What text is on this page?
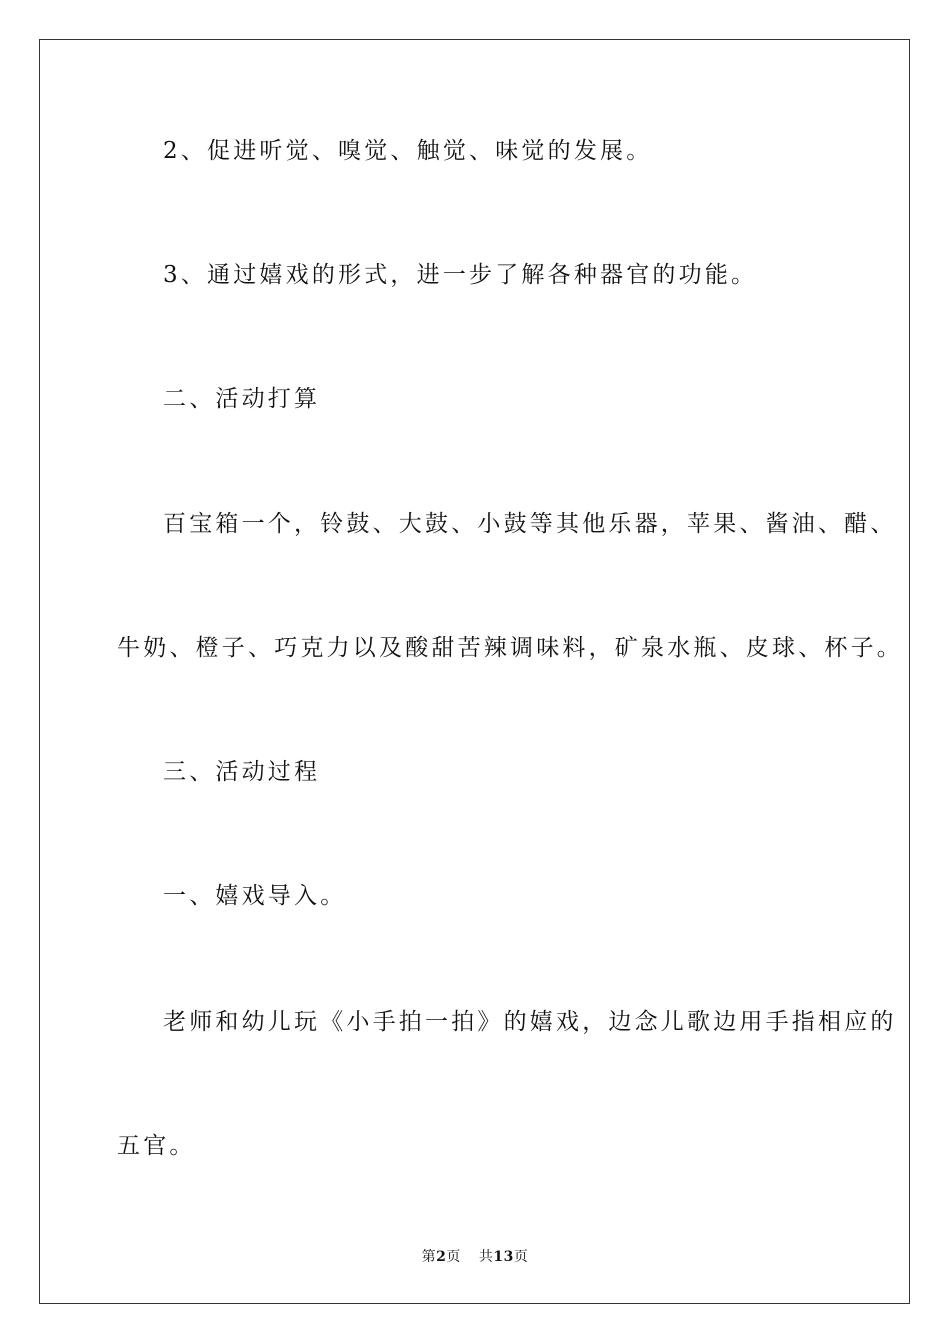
2、促进听觉、嗅觉、触觉、味觉的发展。
3、通过嬉戏的形式，进一步了解各种器官的功能。
二、活动打算
百宝箱一个，铃鼓、大鼓、小鼓等其他乐器，苹果、酱油、醋、
牛奶、橙子、巧克力以及酸甜苦辣调味料，矿泉水瓶、皮球、杯子。
三、活动过程
一、嬉戏导入。
老师和幼儿玩《小手拍一拍》的嬉戏，边念儿歌边用手指相应的
五官。
第2页 共13页
